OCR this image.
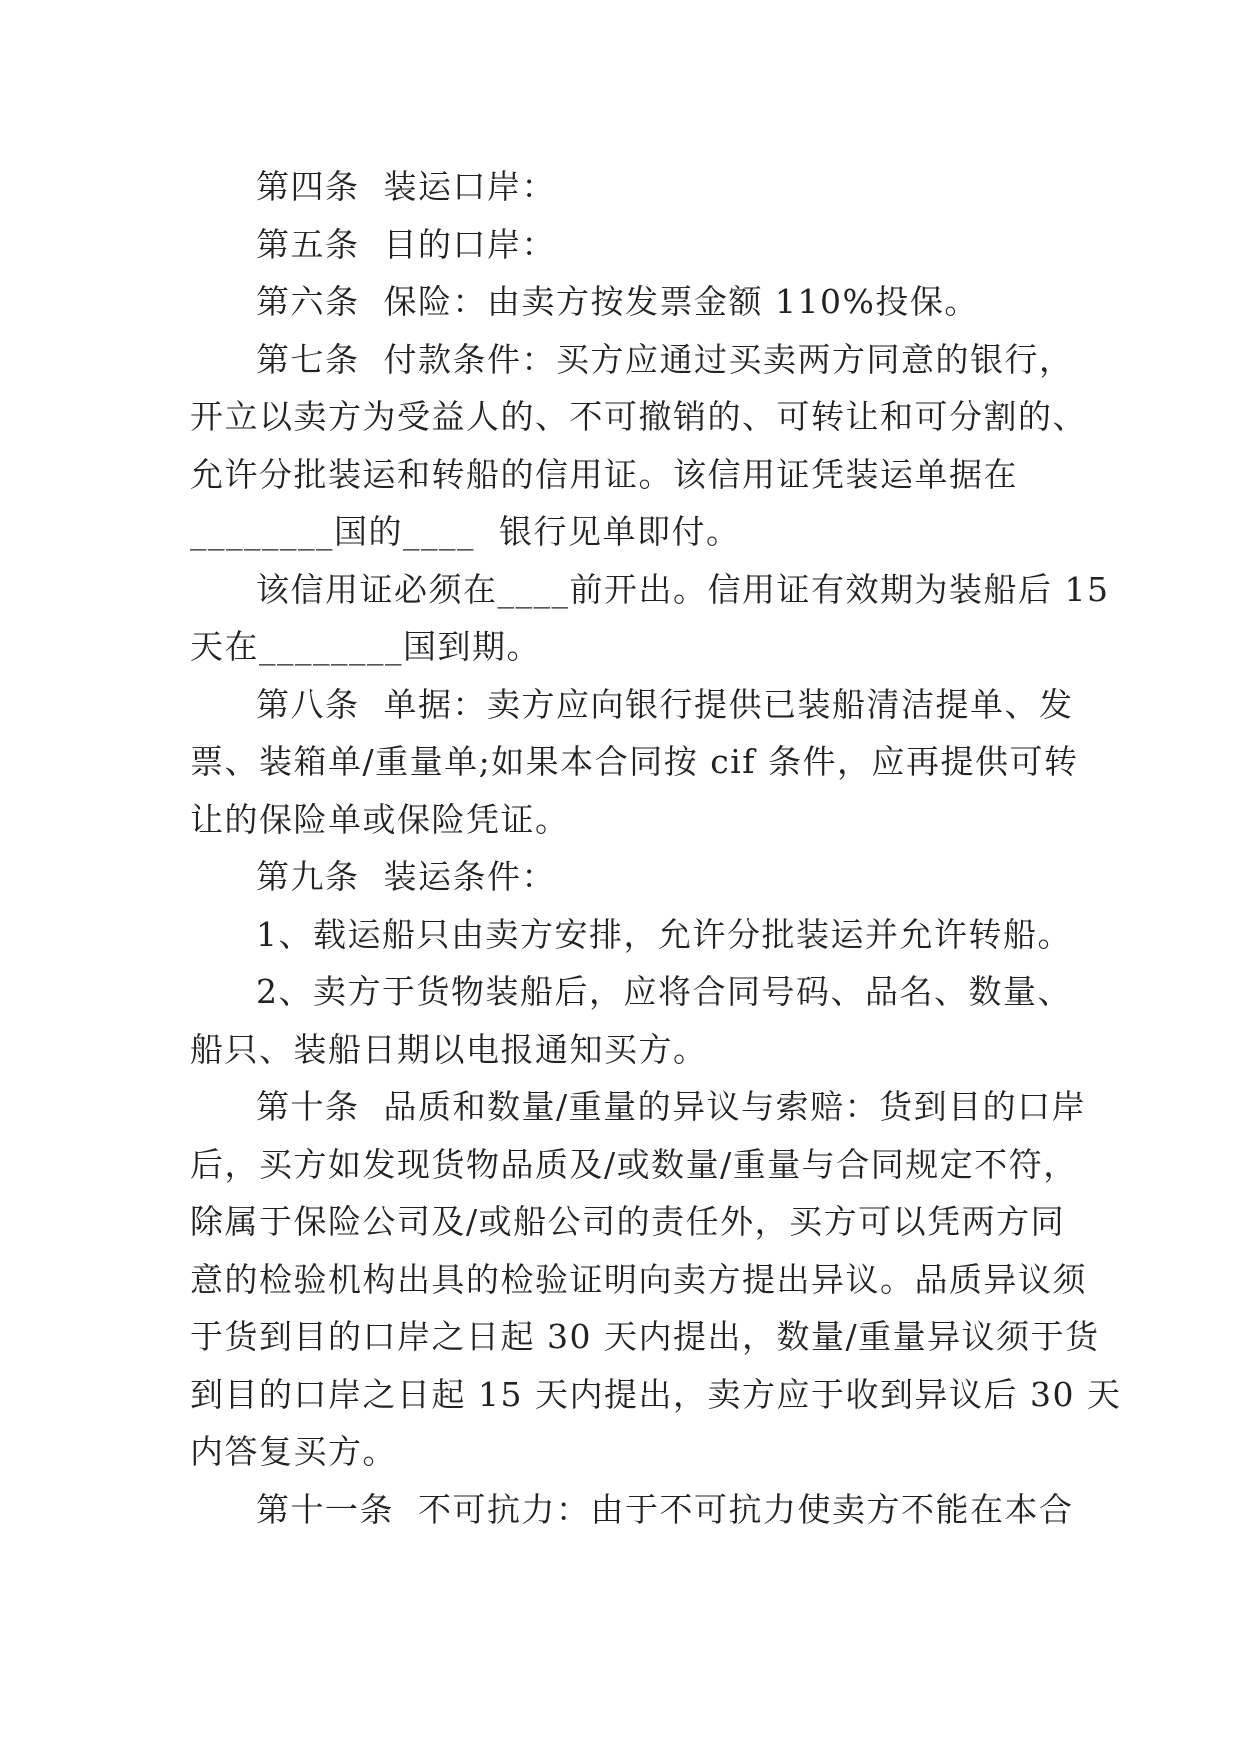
第四条  装运口岸：
第五条  目的口岸：
第六条  保险：由卖方按发票金额 110%投保。
第七条  付款条件：买方应通过买卖两方同意的银行，
开立以卖方为受益人的、不可撤销的、可转让和可分割的、
允许分批装运和转船的信用证。该信用证凭装运单据在
________国的____  银行见单即付。
该信用证必须在____前开出。信用证有效期为装船后 15
天在________国到期。
第八条  单据：卖方应向银行提供已装船清洁提单、发
票、装箱单/重量单;如果本合同按 cif 条件，应再提供可转
让的保险单或保险凭证。
第九条  装运条件：
1、载运船只由卖方安排，允许分批装运并允许转船。
2、卖方于货物装船后，应将合同号码、品名、数量、
船只、装船日期以电报通知买方。
第十条  品质和数量/重量的异议与索赔：货到目的口岸
后，买方如发现货物品质及/或数量/重量与合同规定不符，
除属于保险公司及/或船公司的责任外，买方可以凭两方同
意的检验机构出具的检验证明向卖方提出异议。品质异议须
于货到目的口岸之日起 30 天内提出，数量/重量异议须于货
到目的口岸之日起 15 天内提出，卖方应于收到异议后 30 天
内答复买方。
第十一条  不可抗力：由于不可抗力使卖方不能在本合
